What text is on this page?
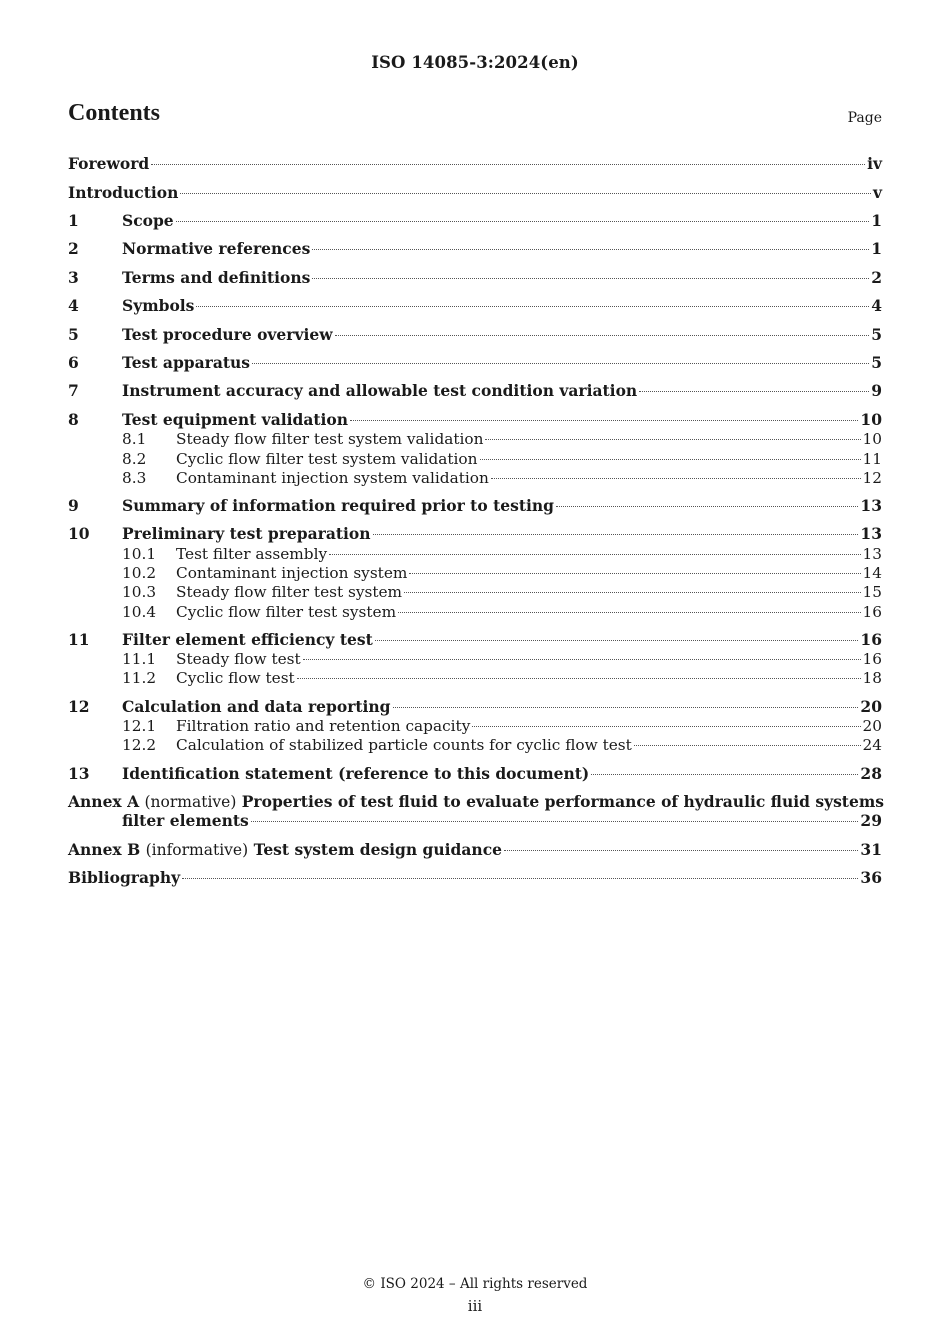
ISO 14085-3:2024(en)
Contents	Page
Foreword	iv
Introduction	v
1	Scope	1
2	Normative references	1
3	Terms and definitions	2
4	Symbols	4
5	Test procedure overview	5
6	Test apparatus	5
7	Instrument accuracy and allowable test condition variation	9
8	Test equipment validation	10
8.1	Steady flow filter test system validation	10
8.2	Cyclic flow filter test system validation	11
8.3	Contaminant injection system validation	12
9	Summary of information required prior to testing	13
10	Preliminary test preparation	13
10.1	Test filter assembly	13
10.2	Contaminant injection system	14
10.3	Steady flow filter test system	15
10.4	Cyclic flow filter test system	16
11	Filter element efficiency test	16
11.1	Steady flow test	16
11.2	Cyclic flow test	18
12	Calculation and data reporting	20
12.1	Filtration ratio and retention capacity	20
12.2	Calculation of stabilized particle counts for cyclic flow test	24
13	Identification statement (reference to this document)	28
Annex A (normative) Properties of test fluid to evaluate performance of hydraulic fluid systems
filter elements	29
Annex B (informative) Test system design guidance	31
Bibliography	36
© ISO 2024 – All rights reserved
iii
